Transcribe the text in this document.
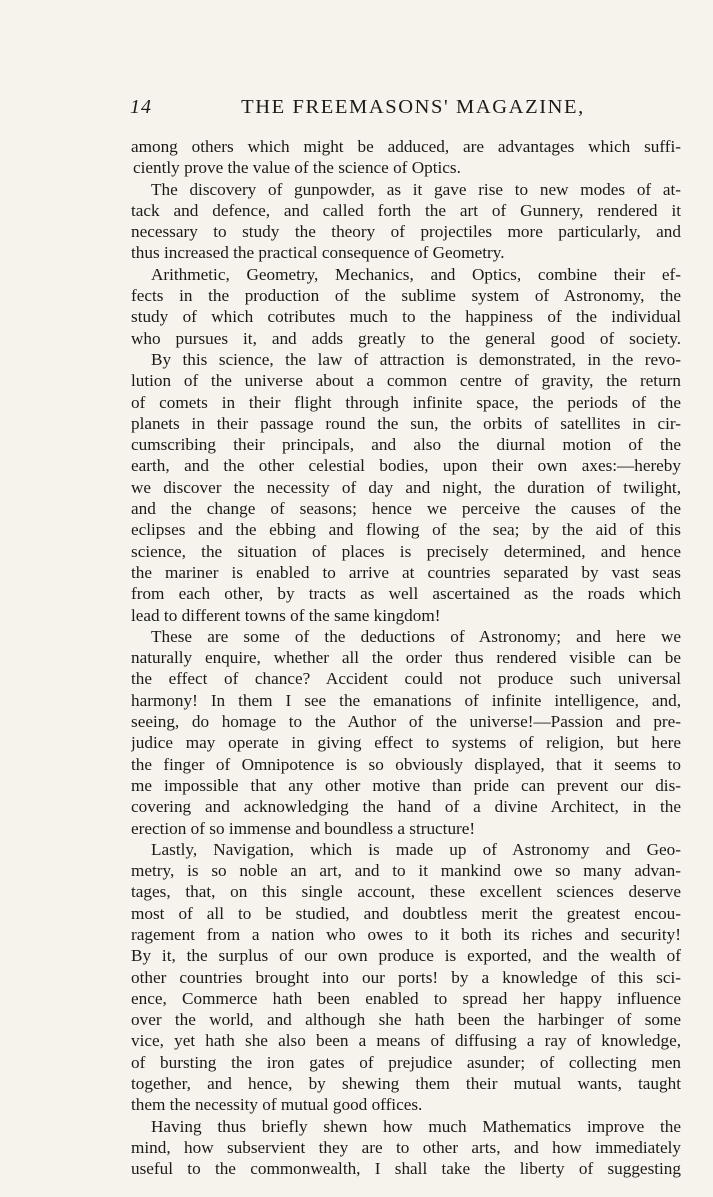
14	THE FREEMASONS' MAGAZINE,
among others which might be adduced, are advantages which suffi-
ciently prove the value of the science of Optics.
The discovery of gunpowder, as it gave rise to new modes of at-
tack and defence, and called forth the art of Gunnery, rendered it
necessary to study the theory of projectiles more particularly, and
thus increased the practical consequence of Geometry.
Arithmetic, Geometry, Mechanics, and Optics, combine their ef-
fects in the production of the sublime system of Astronomy, the
study of which cotributes much to the happiness of the individual
who pursues it, and adds greatly to the general good of society.
By this science, the law of attraction is demonstrated, in the revo-
lution of the universe about a common centre of gravity, the return
of comets in their flight through infinite space, the periods of the
planets in their passage round the sun, the orbits of satellites in cir-
cumscribing their principals, and also the diurnal motion of the
earth, and the other celestial bodies, upon their own axes:—hereby
we discover the necessity of day and night, the duration of twilight,
and the change of seasons; hence we perceive the causes of the
eclipses and the ebbing and flowing of the sea; by the aid of this
science, the situation of places is precisely determined, and hence
the mariner is enabled to arrive at countries separated by vast seas
from each other, by tracts as well ascertained as the roads which
lead to different towns of the same kingdom!
These are some of the deductions of Astronomy; and here we
naturally enquire, whether all the order thus rendered visible can be
the effect of chance? Accident could not produce such universal
harmony! In them I see the emanations of infinite intelligence, and,
seeing, do homage to the Author of the universe!—Passion and pre-
judice may operate in giving effect to systems of religion, but here
the finger of Omnipotence is so obviously displayed, that it seems to
me impossible that any other motive than pride can prevent our dis-
covering and acknowledging the hand of a divine Architect, in the
erection of so immense and boundless a structure!
Lastly, Navigation, which is made up of Astronomy and Geo-
metry, is so noble an art, and to it mankind owe so many advan-
tages, that, on this single account, these excellent sciences deserve
most of all to be studied, and doubtless merit the greatest encou-
ragement from a nation who owes to it both its riches and security!
By it, the surplus of our own produce is exported, and the wealth of
other countries brought into our ports! by a knowledge of this sci-
ence, Commerce hath been enabled to spread her happy influence
over the world, and although she hath been the harbinger of some
vice, yet hath she also been a means of diffusing a ray of knowledge,
of bursting the iron gates of prejudice asunder; of collecting men
together, and hence, by shewing them their mutual wants, taught
them the necessity of mutual good offices.
Having thus briefly shewn how much Mathematics improve the
mind, how subservient they are to other arts, and how immediately
useful to the commonwealth, I shall take the liberty of suggesting
